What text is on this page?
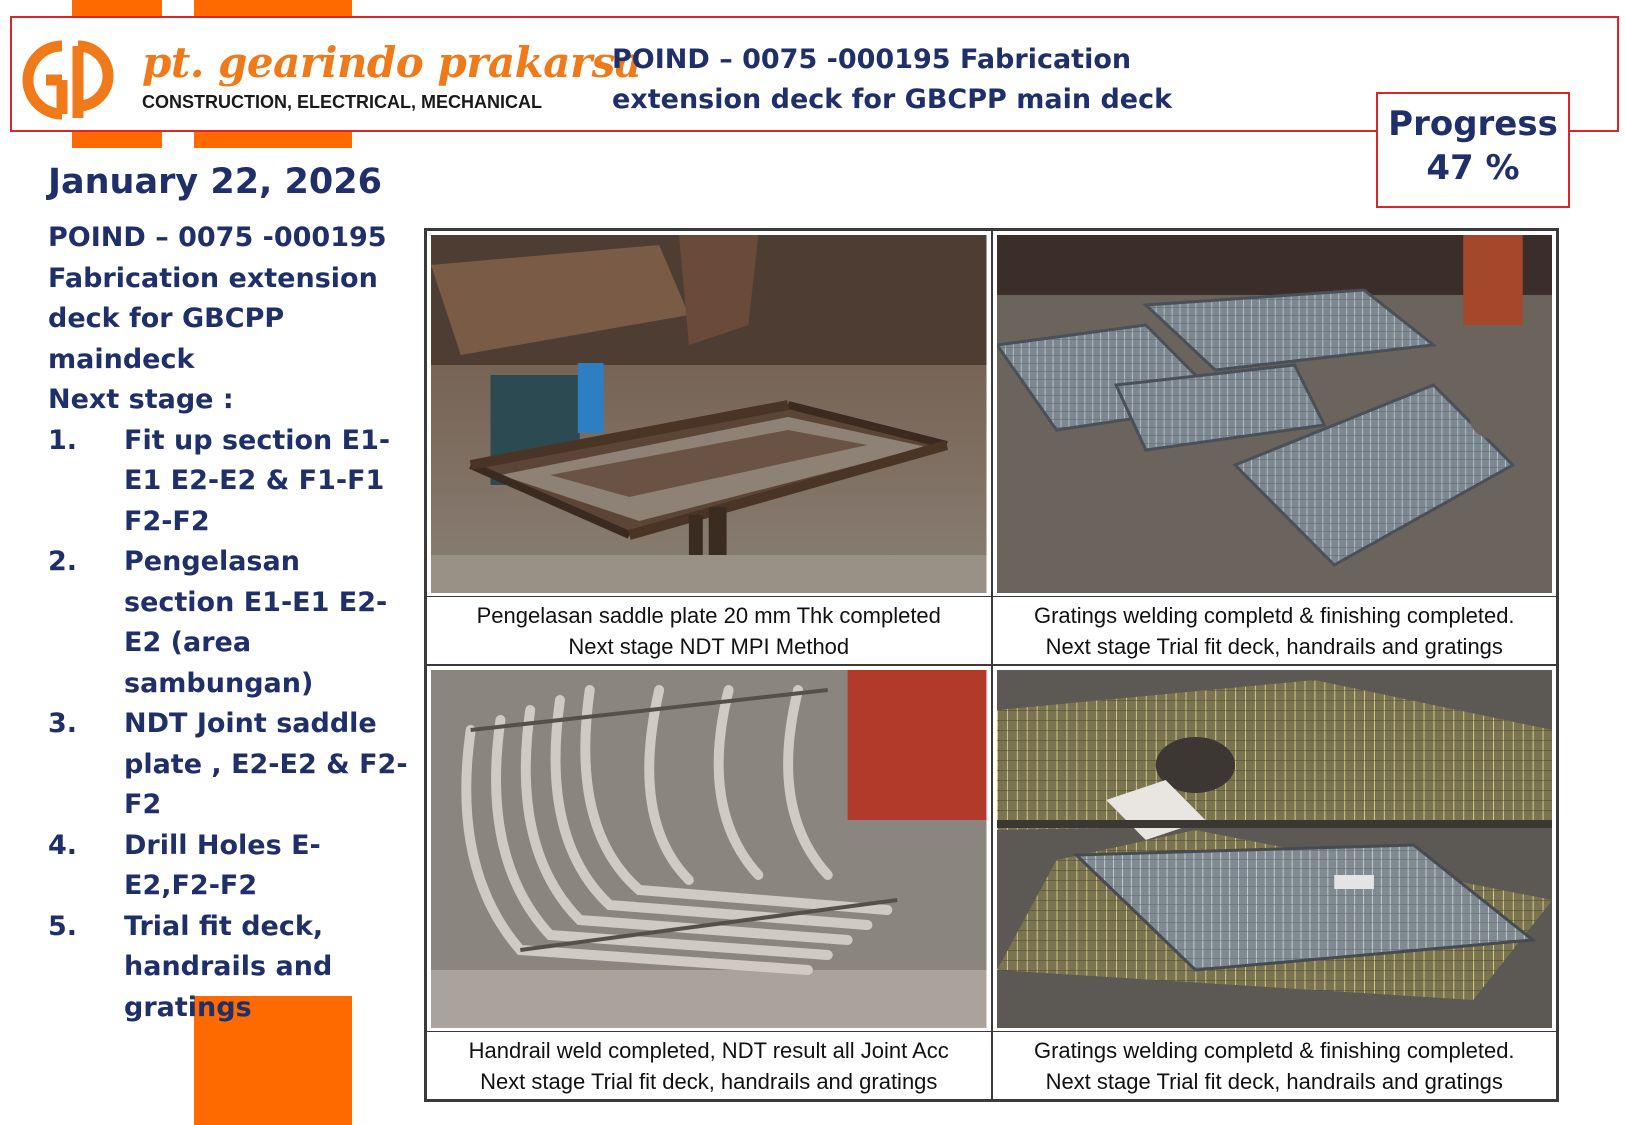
pt. gearindo prakarsa
CONSTRUCTION, ELECTRICAL, MECHANICAL
POIND – 0075 -000195 Fabrication extension deck for GBCPP main deck
Progress
47 %
January 22, 2026
POIND – 0075 -000195
Fabrication extension deck for GBCPP maindeck
Next stage :
1. Fit up section E1-E1 E2-E2 & F1-F1 F2-F2
2. Pengelasan section E1-E1 E2-E2 (area sambungan)
3. NDT Joint saddle plate , E2-E2 & F2-F2
4. Drill Holes E-E2,F2-F2
5. Trial fit deck, handrails and gratings
Pengelasan saddle plate 20 mm Thk completed
Next stage NDT MPI Method
Gratings welding completd & finishing completed.
Next stage Trial fit deck, handrails and gratings
Handrail weld completed, NDT result all Joint Acc
Next stage Trial fit deck, handrails and gratings
Gratings welding completd & finishing completed.
Next stage Trial fit deck, handrails and gratings
